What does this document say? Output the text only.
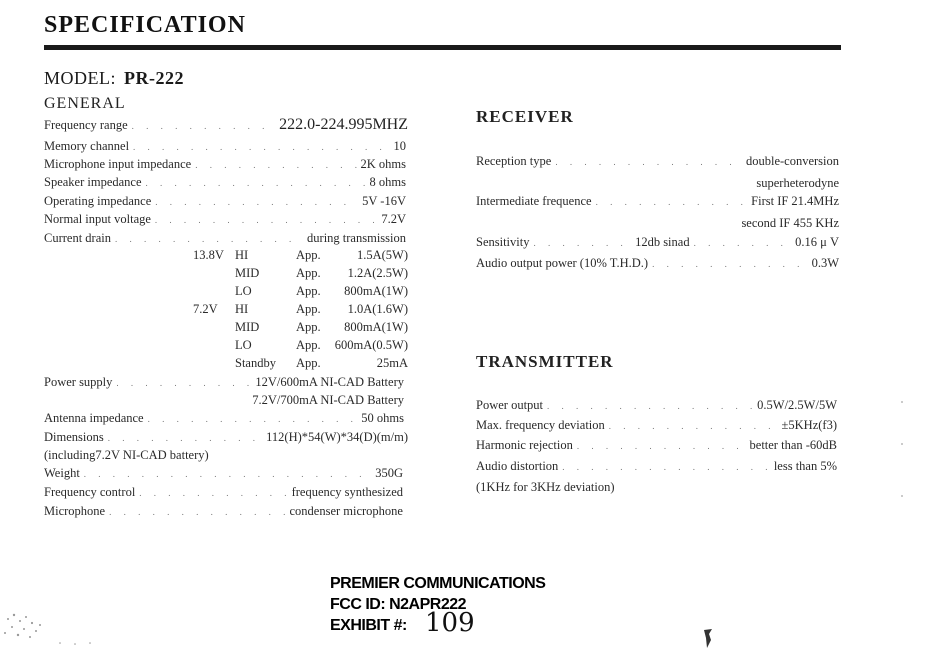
SPECIFICATION
MODEL: PR-222
GENERAL
Frequency range . . .	222.0-224.995MHZ
Memory channel . . .	10
Microphone input impedance . . .	2K ohms
Speaker impedance . . .	8 ohms
Operating impedance . . .	5V -16V
Normal input voltage . . .	7.2V
Current drain . . .	during transmission
13.8V HI	App.	1.5A(5W)
MID	App. 1.2A(2.5W)
LO	App. 800mA(1W)
7.2V HI	App. 1.0A(1.6W)
MID	App. 800mA(1W)
LO	App. 600mA(0.5W)
Standby App.	25mA
Power supply . . .	12V/600mA NI-CAD Battery
7.2V/700mA NI-CAD Battery
Antenna impedance . . .	50 ohms
Dimensions . . .	112(H)*54(W)*34(D)(m/m)
(including7.2V NI-CAD battery)
Weight . . .	350G
Frequency control . . .	frequency synthesized
Microphone . . .	condenser microphone
RECEIVER
Reception type . . .	double-conversion
superheterodyne
Intermediate frequence . . .	First IF 21.4MHz
second IF 455 KHz
Sensitivity . . .	12db sinad . . .	0.16 μ V
Audio output power (10% T.H.D.) . . .	0.3W
TRANSMITTER
Power output . . .	0.5W/2.5W/5W
Max. frequency deviation . . .	±5KHz(f3)
Harmonic rejection . . .	better than -60dB
Audio distortion . . .	less than 5%
(1KHz for 3KHz deviation)
PREMIER COMMUNICATIONS
FCC ID: N2APR222
EXHIBIT #: 109
